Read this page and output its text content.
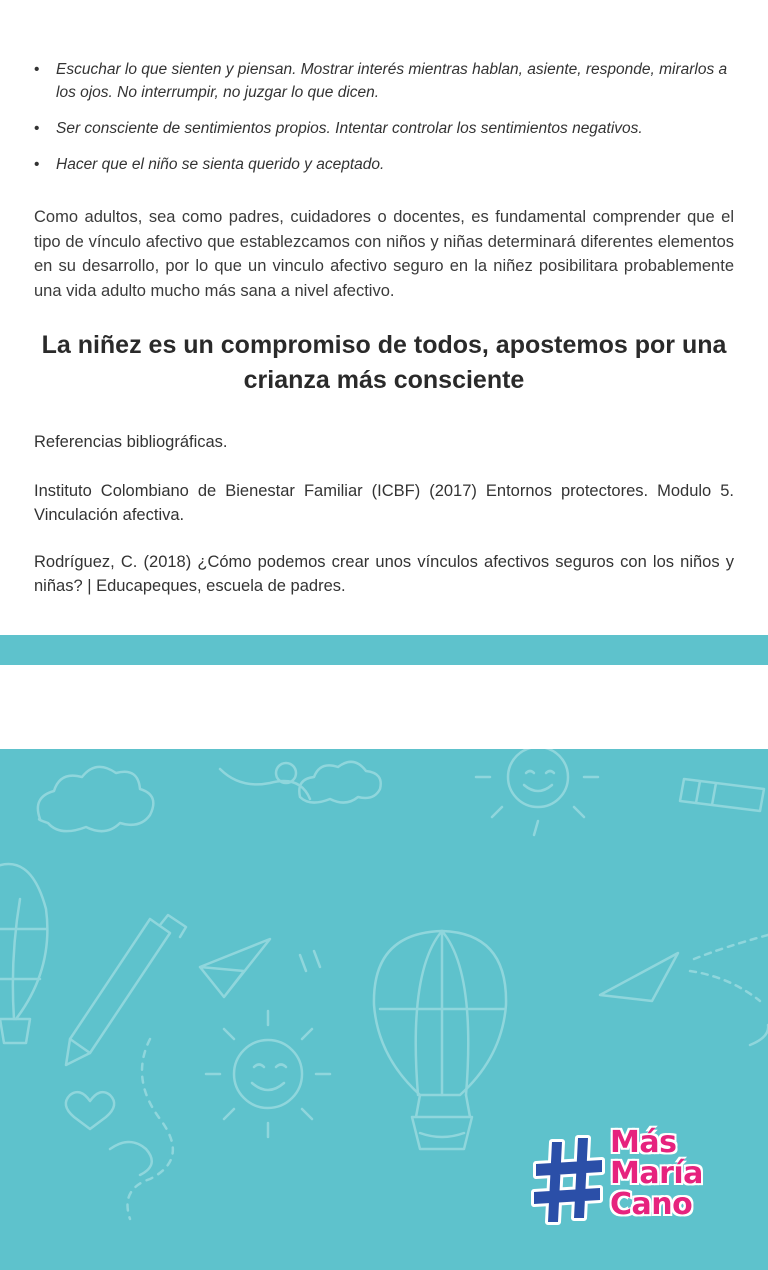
• Escuchar lo que sienten y piensan. Mostrar interés mientras hablan, asiente, responde, mirarlos a los ojos. No interrumpir, no juzgar lo que dicen.
• Ser consciente de sentimientos propios. Intentar controlar los sentimientos negativos.
• Hacer que el niño se sienta querido y aceptado.

Como adultos, sea como padres, cuidadores o docentes, es fundamental comprender que el tipo de vínculo afectivo que establezcamos con niños y niñas determinará diferentes elementos en su desarrollo, por lo que un vinculo afectivo seguro en la niñez posibilitara probablemente una vida adulto mucho más sana a nivel afectivo.

La niñez es un compromiso de todos, apostemos por una crianza más consciente

Referencias bibliográficas.

Instituto Colombiano de Bienestar Familiar (ICBF) (2017) Entornos protectores. Modulo 5. Vinculación afectiva.

Rodríguez, C. (2018) ¿Cómo podemos crear unos vínculos afectivos seguros con los niños y niñas? | Educapeques, escuela de padres.

Más
María
Cano
